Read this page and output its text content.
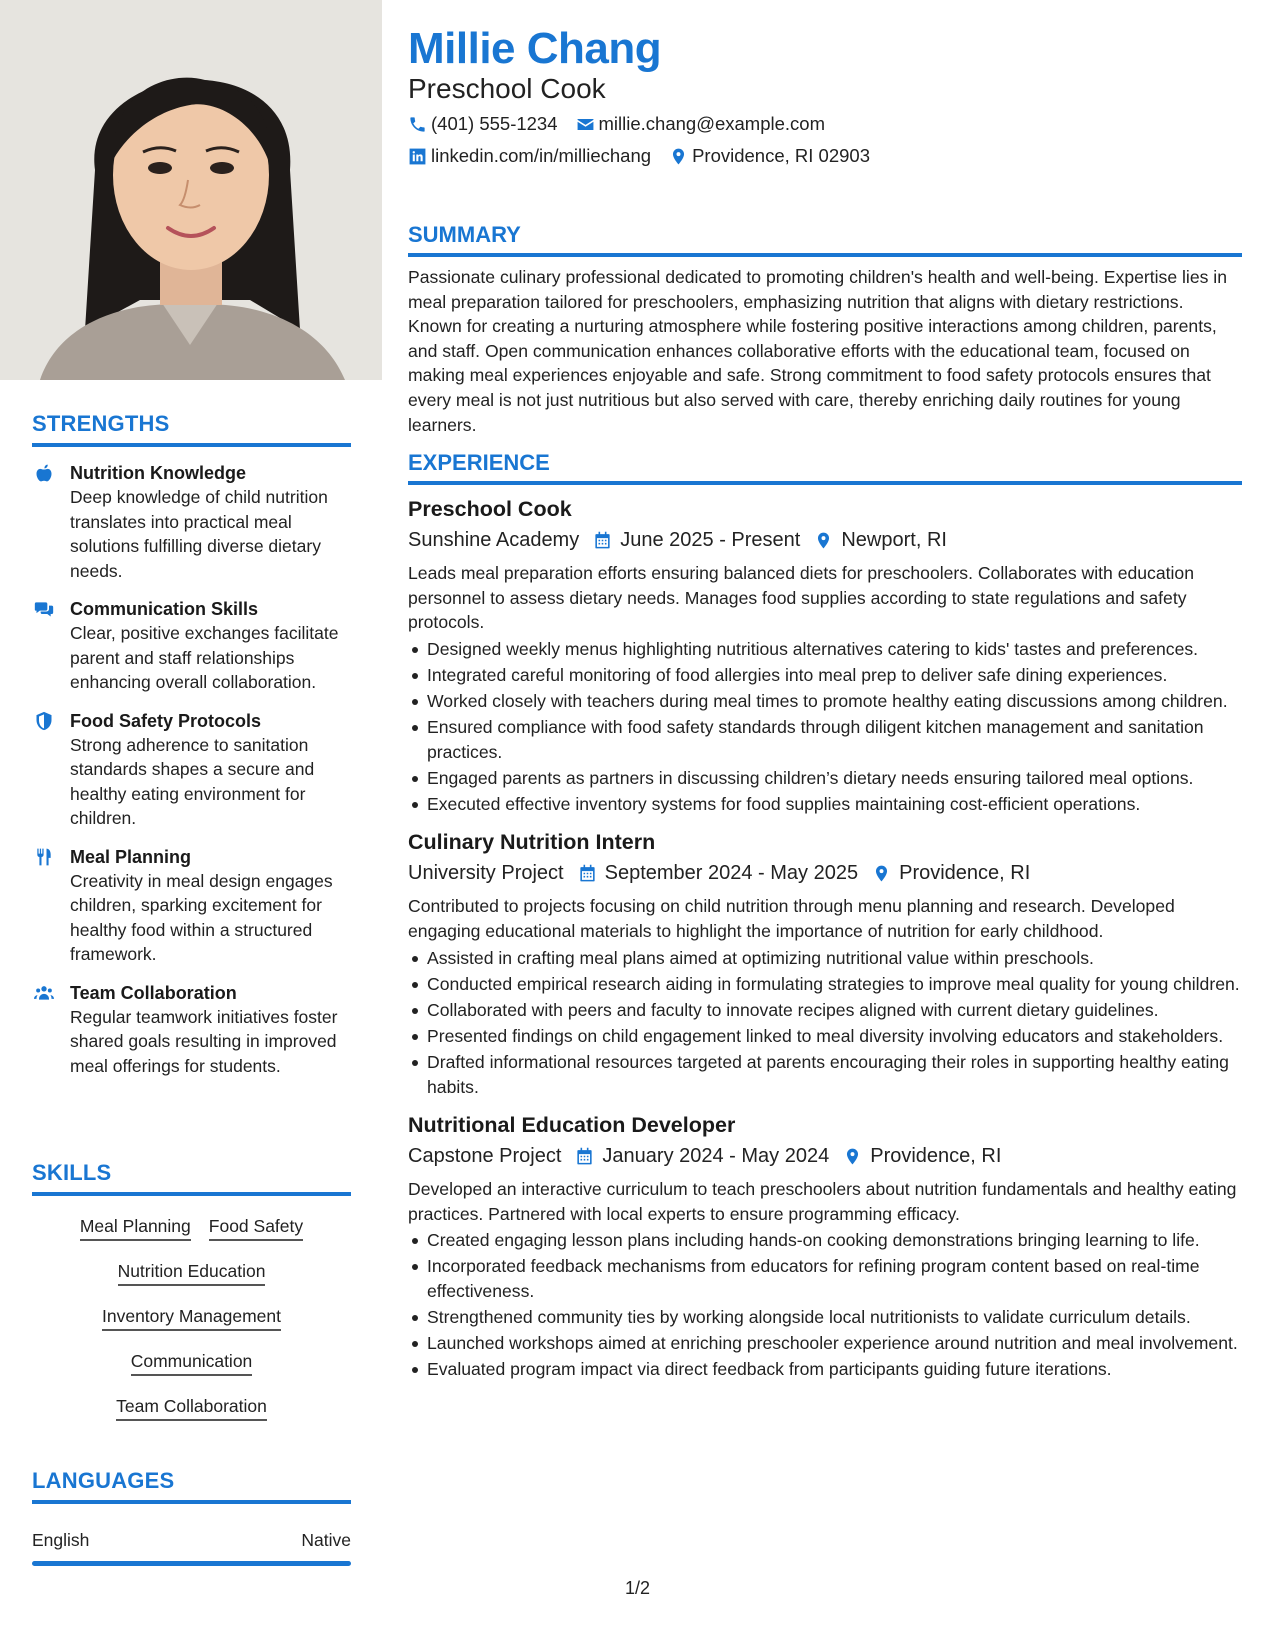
STRENGTHS
Nutrition Knowledge
Deep knowledge of child nutrition translates into practical meal solutions fulfilling diverse dietary needs.
Communication Skills
Clear, positive exchanges facilitate parent and staff relationships enhancing overall collaboration.
Food Safety Protocols
Strong adherence to sanitation standards shapes a secure and healthy eating environment for children.
Meal Planning
Creativity in meal design engages children, sparking excitement for healthy food within a structured framework.
Team Collaboration
Regular teamwork initiatives foster shared goals resulting in improved meal offerings for students.
SKILLS
Meal Planning Food Safety
Nutrition Education
Inventory Management
Communication
Team Collaboration
LANGUAGES
English	Native
Millie Chang
Preschool Cook
(401) 555-1234 millie.chang@example.com
linkedin.com/in/milliechang Providence, RI 02903
SUMMARY
Passionate culinary professional dedicated to promoting children's health and well-being. Expertise lies in meal preparation tailored for preschoolers, emphasizing nutrition that aligns with dietary restrictions. Known for creating a nurturing atmosphere while fostering positive interactions among children, parents, and staff. Open communication enhances collaborative efforts with the educational team, focused on making meal experiences enjoyable and safe. Strong commitment to food safety protocols ensures that every meal is not just nutritious but also served with care, thereby enriching daily routines for young learners.
EXPERIENCE
Preschool Cook
Sunshine Academy June 2025 - Present Newport, RI
Leads meal preparation efforts ensuring balanced diets for preschoolers. Collaborates with education personnel to assess dietary needs. Manages food supplies according to state regulations and safety protocols.
Designed weekly menus highlighting nutritious alternatives catering to kids' tastes and preferences.
Integrated careful monitoring of food allergies into meal prep to deliver safe dining experiences.
Worked closely with teachers during meal times to promote healthy eating discussions among children.
Ensured compliance with food safety standards through diligent kitchen management and sanitation practices.
Engaged parents as partners in discussing children’s dietary needs ensuring tailored meal options.
Executed effective inventory systems for food supplies maintaining cost-efficient operations.
Culinary Nutrition Intern
University Project September 2024 - May 2025 Providence, RI
Contributed to projects focusing on child nutrition through menu planning and research. Developed engaging educational materials to highlight the importance of nutrition for early childhood.
Assisted in crafting meal plans aimed at optimizing nutritional value within preschools.
Conducted empirical research aiding in formulating strategies to improve meal quality for young children.
Collaborated with peers and faculty to innovate recipes aligned with current dietary guidelines.
Presented findings on child engagement linked to meal diversity involving educators and stakeholders.
Drafted informational resources targeted at parents encouraging their roles in supporting healthy eating habits.
Nutritional Education Developer
Capstone Project January 2024 - May 2024 Providence, RI
Developed an interactive curriculum to teach preschoolers about nutrition fundamentals and healthy eating practices. Partnered with local experts to ensure programming efficacy.
Created engaging lesson plans including hands-on cooking demonstrations bringing learning to life.
Incorporated feedback mechanisms from educators for refining program content based on real-time effectiveness.
Strengthened community ties by working alongside local nutritionists to validate curriculum details.
Launched workshops aimed at enriching preschooler experience around nutrition and meal involvement.
Evaluated program impact via direct feedback from participants guiding future iterations.
1/2
